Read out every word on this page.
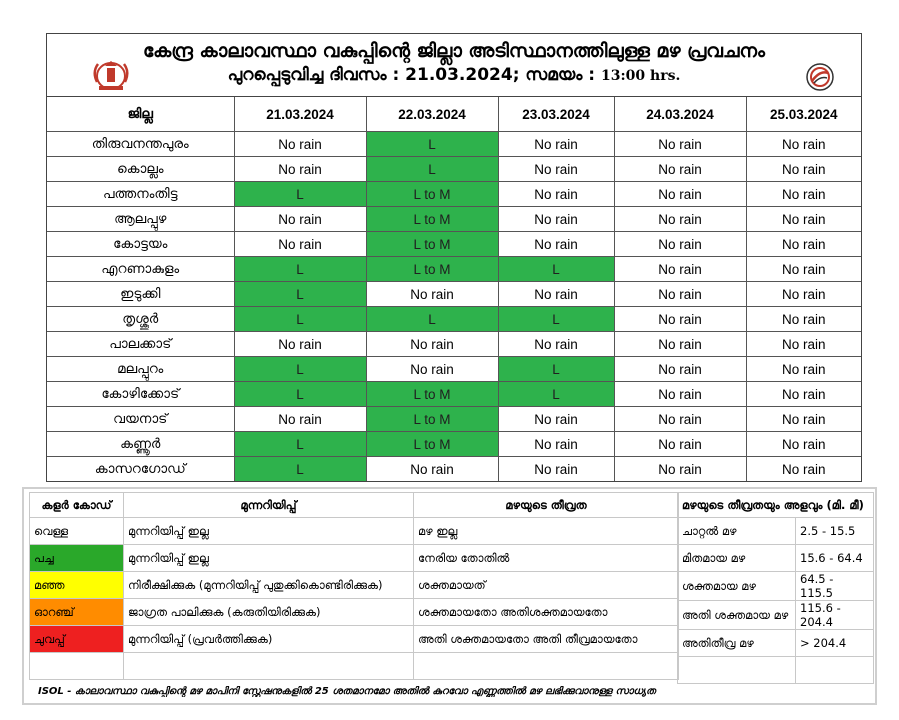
കേന്ദ്ര കാലാവസ്ഥാ വകുപ്പിന്റെ ജില്ലാ അടിസ്ഥാനത്തിലുള്ള മഴ പ്രവചനം
പുറപ്പെടുവിച്ച ദിവസം : 21.03.2024; സമയം : 13:00 hrs.
ജില്ല	21.03.2024	22.03.2024	23.03.2024	24.03.2024	25.03.2024
തിരുവനന്തപുരം	No rain	L	No rain	No rain	No rain
കൊല്ലം	No rain	L	No rain	No rain	No rain
പത്തനംതിട്ട	L	L to M	No rain	No rain	No rain
ആലപ്പുഴ	No rain	L to M	No rain	No rain	No rain
കോട്ടയം	No rain	L to M	No rain	No rain	No rain
എറണാകുളം	L	L to M	L	No rain	No rain
ഇടുക്കി	L	No rain	No rain	No rain	No rain
തൃശ്ശൂർ	L	L	L	No rain	No rain
പാലക്കാട്	No rain	No rain	No rain	No rain	No rain
മലപ്പുറം	L	No rain	L	No rain	No rain
കോഴിക്കോട്	L	L to M	L	No rain	No rain
വയനാട്	No rain	L to M	No rain	No rain	No rain
കണ്ണൂർ	L	L to M	No rain	No rain	No rain
കാസറഗോഡ്	L	No rain	No rain	No rain	No rain
കളർ കോഡ്	മുന്നറിയിപ്പ്	മഴയുടെ തീവ്രത
വെള്ള	മുന്നറിയിപ്പ് ഇല്ല	മഴ ഇല്ല
പച്ച	മുന്നറിയിപ്പ് ഇല്ല	നേരിയ തോതിൽ
മഞ്ഞ	നിരീക്ഷിക്കുക (മുന്നറിയിപ്പ് പുതുക്കികൊണ്ടിരിക്കുക)	ശക്തമായത്
ഓറഞ്ച്	ജാഗ്രത പാലിക്കുക (കരുതിയിരിക്കുക)	ശക്തമായതോ അതിശക്തമായതോ
ചുവപ്പ്	മുന്നറിയിപ്പ് (പ്രവർത്തിക്കുക)	അതി ശക്തമായതോ അതി തീവ്രമായതോ

മഴയുടെ തീവ്രതയും അളവും (മി. മീ)	
ചാറ്റൽ മഴ	2.5 - 15.5
മിതമായ മഴ	15.6 - 64.4
ശക്തമായ മഴ	64.5 - 115.5
അതി ശക്തമായ മഴ	115.6 - 204.4
അതിതീവ്ര മഴ	> 204.4

ISOL - കാലാവസ്ഥാ വകുപ്പിന്റെ മഴ മാപിനി സ്റ്റേഷനുകളിൽ 25 ശതമാനമോ അതിൽ കുറവോ എണ്ണത്തിൽ മഴ ലഭിക്കുവാനുള്ള സാധ്യത
